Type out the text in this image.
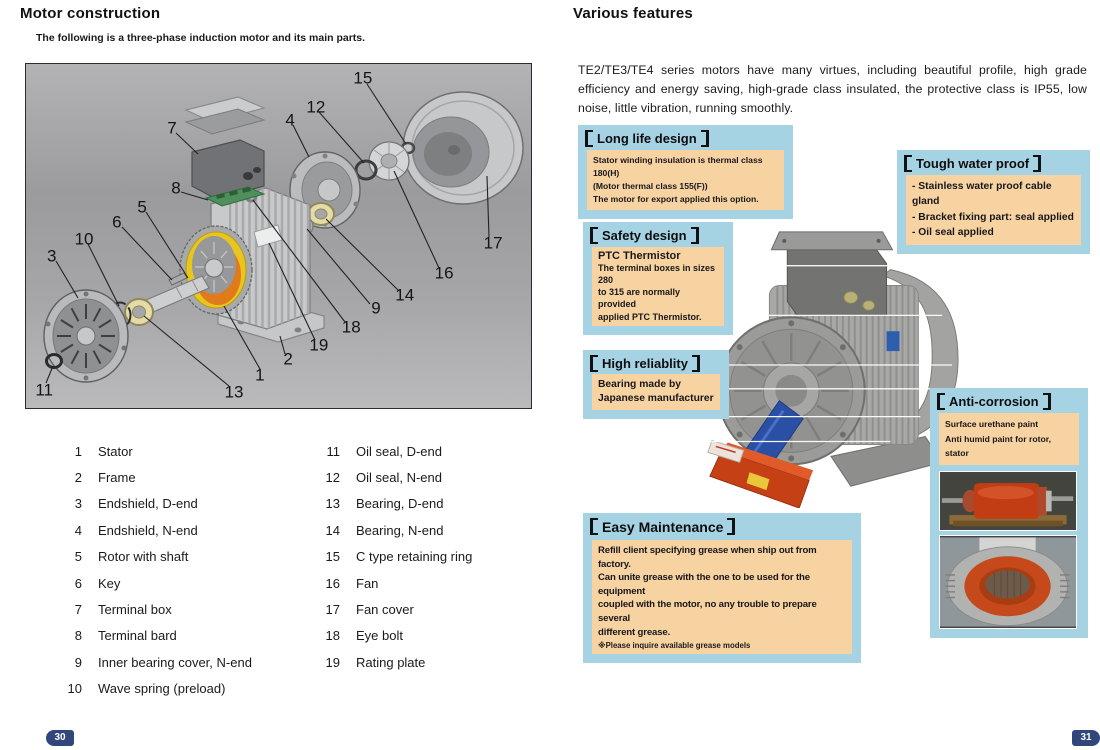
Motor construction

The following is a three-phase induction motor and its main parts.

1
2
3
4
5
6
7
8
9
10
11
12
13
14
15
16
17
18
19
1 Stator
2 Frame
3 Endshield, D-end
4 Endshield, N-end
5 Rotor with shaft
6 Key
7 Terminal box
8 Terminal bard
9 Inner bearing cover, N-end
10 Wave spring (preload)
11 Oil seal, D-end
12 Oil seal, N-end
13 Bearing, D-end
14 Bearing, N-end
15 C type retaining ring
16 Fan
17 Fan cover
18 Eye bolt
19 Rating plate
30
Various features

TE2/TE3/TE4 series motors have many virtues, including beautiful profile, high grade efficiency and energy saving, high-grade class insulated, the protective class is IP55, low noise, little vibration, running smoothly.

Long life design
Stator winding insulation is thermal class 180(H)
(Motor thermal class 155(F))
The motor for export applied this option.
Tough water proof
- Stainless water proof cable gland
- Bracket fixing part: seal applied
- Oil seal applied
Safety design
PTC Thermistor
The terminal boxes in sizes 280
to 315 are normally provided
applied PTC Thermistor.
High reliablity
Bearing made by
Japanese manufacturer	Anti-corrosion
Surface urethane paint
Anti humid paint for rotor, stator
Easy Maintenance
Refill client specifying grease when ship out from factory.
Can unite grease with the one to be used for the equipment
coupled with the motor, no any trouble to prepare several
different grease.
※Please inquire available grease models
31
